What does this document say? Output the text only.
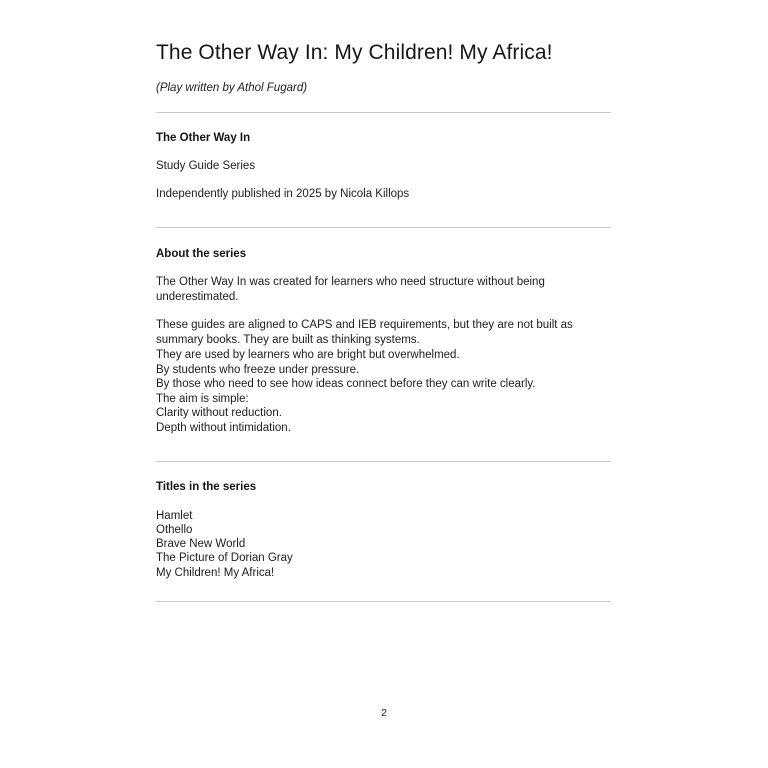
The Other Way In: My Children! My Africa!

(Play written by Athol Fugard)

The Other Way In

Study Guide Series

Independently published in 2025 by Nicola Killops

About the series

The Other Way In was created for learners who need structure without being underestimated.

These guides are aligned to CAPS and IEB requirements, but they are not built as summary books. They are built as thinking systems.

They are used by learners who are bright but overwhelmed.
By students who freeze under pressure.
By those who need to see how ideas connect before they can write clearly.
The aim is simple:
Clarity without reduction.
Depth without intimidation.
Titles in the series
Hamlet
Othello
Brave New World
The Picture of Dorian Gray
My Children! My Africa!
2
